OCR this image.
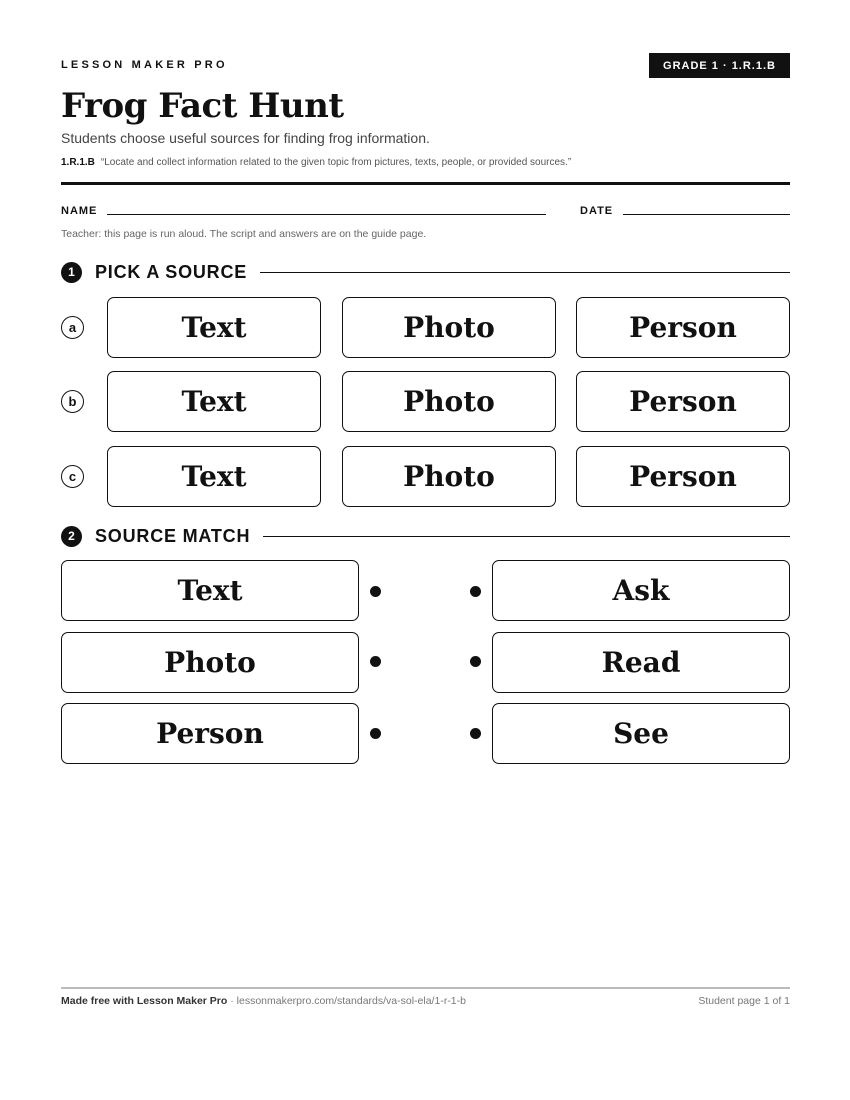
LESSON MAKER PRO	GRADE 1 · 1.R.1.B
Frog Fact Hunt
Students choose useful sources for finding frog information.
1.R.1.B “Locate and collect information related to the given topic from pictures, texts, people, or provided sources.”
NAME	DATE
Teacher: this page is run aloud. The script and answers are on the guide page.
1	PICK A SOURCE
a	Text	Photo	Person
b	Text	Photo	Person
c	Text	Photo	Person
2	SOURCE MATCH
Text	Ask
Photo	Read
Person	See
Made free with Lesson Maker Pro · lessonmakerpro.com/standards/va-sol-ela/1-r-1-b	Student page 1 of 1
